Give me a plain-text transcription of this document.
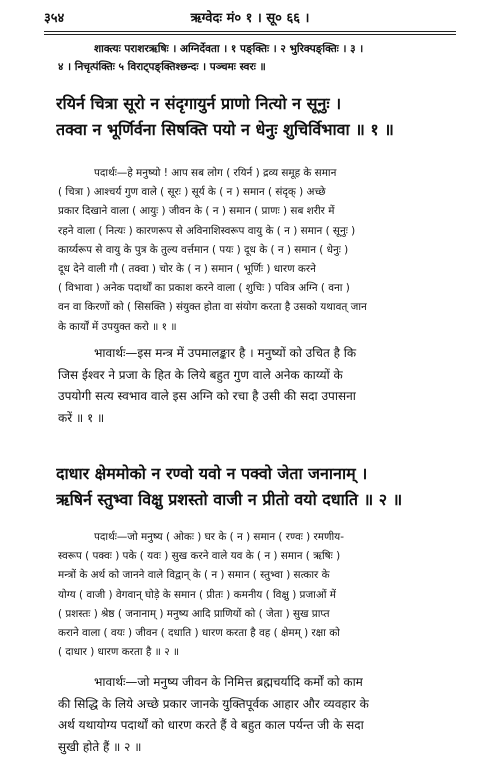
३५४	ऋग्वेदः मं० १ । सू० ६६ ।
शाक्त्यः पराशरऋषिः । अग्निर्देवता । १ पङ्क्तिः । २ भुरिक्पङ्क्तिः । ३ ।
४ । निचृत्पंक्तिः ५ विराट्पङ्क्तिश्छन्दः । पञ्चमः स्वरः ॥
रयिर्न चित्रा सूरो न संदृगायुर्न प्राणो नित्यो न सूनुः ।
तक्वा न भूर्णिर्वना सिषक्ति पयो न धेनुः शुचिर्विभावा ॥ १ ॥
पदार्थः—हे मनुष्यो ! आप सब लोग ( रयिर्न ) द्रव्य समूह के समान
( चित्रा ) आश्चर्य गुण वाले ( सूरः ) सूर्य के ( न ) समान ( संदृक् ) अच्छे
प्रकार दिखाने वाला ( आयुः ) जीवन के ( न ) समान ( प्राणः ) सब शरीर में
रहने वाला ( नित्यः ) कारणरूप से अविनाशिस्वरूप वायु के ( न ) समान ( सूनुः )
कार्य्यरूप से वायु के पुत्र के तुल्य वर्त्तमान ( पयः ) दूध के ( न ) समान ( धेनुः )
दूध देने वाली गौ ( तक्वा ) चोर के ( न ) समान ( भूर्णिः ) धारण करने
( विभावा ) अनेक पदार्थों का प्रकाश करने वाला ( शुचिः ) पवित्र अग्नि ( वना )
वन वा किरणों को ( सिसक्ति ) संयुक्त होता वा संयोग करता है उसको यथावत् जान
के कार्यों में उपयुक्त करो ॥ १ ॥
भावार्थः—इस मन्त्र में उपमालङ्कार है । मनुष्यों को उचित है कि
जिस ईश्वर ने प्रजा के हित के लिये बहुत गुण वाले अनेक काय्यों के
उपयोगी सत्य स्वभाव वाले इस अग्नि को रचा है उसी की सदा उपासना
करें ॥ १ ॥
दाधार क्षेममोको न रण्वो यवो न पक्वो जेता जनानाम् ।
ऋषिर्न स्तुभ्वा विक्षु प्रशस्तो वाजी न प्रीतो वयो दधाति ॥ २ ॥
पदार्थः—जो मनुष्य ( ओकः ) घर के ( न ) समान ( रण्वः ) रमणीय-
स्वरूप ( पक्वः ) पके ( यवः ) सुख करने वाले यव के ( न ) समान ( ऋषिः )
मन्त्रों के अर्थ को जानने वाले विद्वान् के ( न ) समान ( स्तुभ्वा ) सत्कार के
योग्य ( वाजी ) वेगवान् घोड़े के समान ( प्रीतः ) कमनीय ( विक्षु ) प्रजाओं में
( प्रशस्तः ) श्रेष्ठ ( जनानाम् ) मनुष्य आदि प्राणियों को ( जेता ) सुख प्राप्त
कराने वाला ( वयः ) जीवन ( दधाति ) धारण करता है वह ( क्षेमम् ) रक्षा को
( दाधार ) धारण करता है ॥ २ ॥
भावार्थः—जो मनुष्य जीवन के निमित्त ब्रह्मचर्यादि कर्मों को काम
की सिद्धि के लिये अच्छे प्रकार जानके युक्तिपूर्वक आहार और व्यवहार के
अर्थ यथायोग्य पदार्थों को धारण करते हैं वे बहुत काल पर्यन्त जी के सदा
सुखी होते हैं ॥ २ ॥
